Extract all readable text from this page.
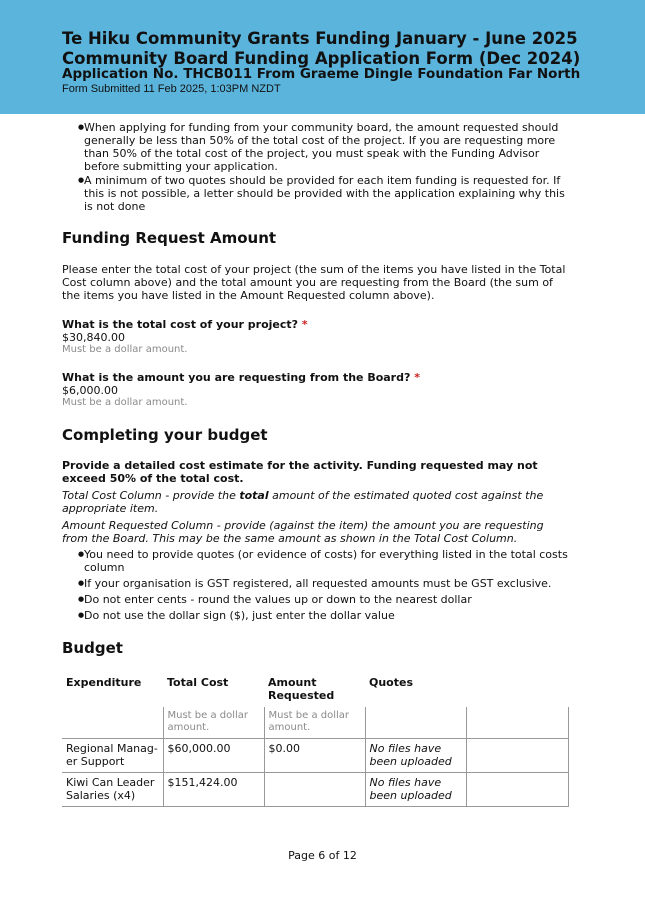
Te Hiku Community Grants Funding January - June 2025
Community Board Funding Application Form (Dec 2024)
Application No. THCB011 From Graeme Dingle Foundation Far North
Form Submitted 11 Feb 2025, 1:03PM NZDT
● When applying for funding from your community board, the amount requested should generally be less than 50% of the total cost of the project. If you are requesting more than 50% of the total cost of the project, you must speak with the Funding Advisor before submitting your application.
● A minimum of two quotes should be provided for each item funding is requested for. If this is not possible, a letter should be provided with the application explaining why this is not done
Funding Request Amount

Please enter the total cost of your project (the sum of the items you have listed in the Total Cost column above) and the total amount you are requesting from the Board (the sum of the items you have listed in the Amount Requested column above).

What is the total cost of your project? *
$30,840.00
Must be a dollar amount.
What is the amount you are requesting from the Board? *
$6,000.00
Must be a dollar amount.
Completing your budget

Provide a detailed cost estimate for the activity. Funding requested may not exceed 50% of the total cost.

Total Cost Column - provide the total amount of the estimated quoted cost against the appropriate item.

Amount Requested Column - provide (against the item) the amount you are requesting from the Board. This may be the same amount as shown in the Total Cost Column.

● You need to provide quotes (or evidence of costs) for everything listed in the total costs column
● If your organisation is GST registered, all requested amounts must be GST exclusive.
● Do not enter cents - round the values up or down to the nearest dollar
● Do not use the dollar sign ($), just enter the dollar value
Budget
Expenditure	Total Cost	Amount Requested	Quotes	
	Must be a dollar amount.	Must be a dollar amount.		
Regional Manag-er Support	$60,000.00	$0.00	No files have been uploaded	
Kiwi Can Leader Salaries (x4)	$151,424.00		No files have been uploaded	
Page 6 of 12
